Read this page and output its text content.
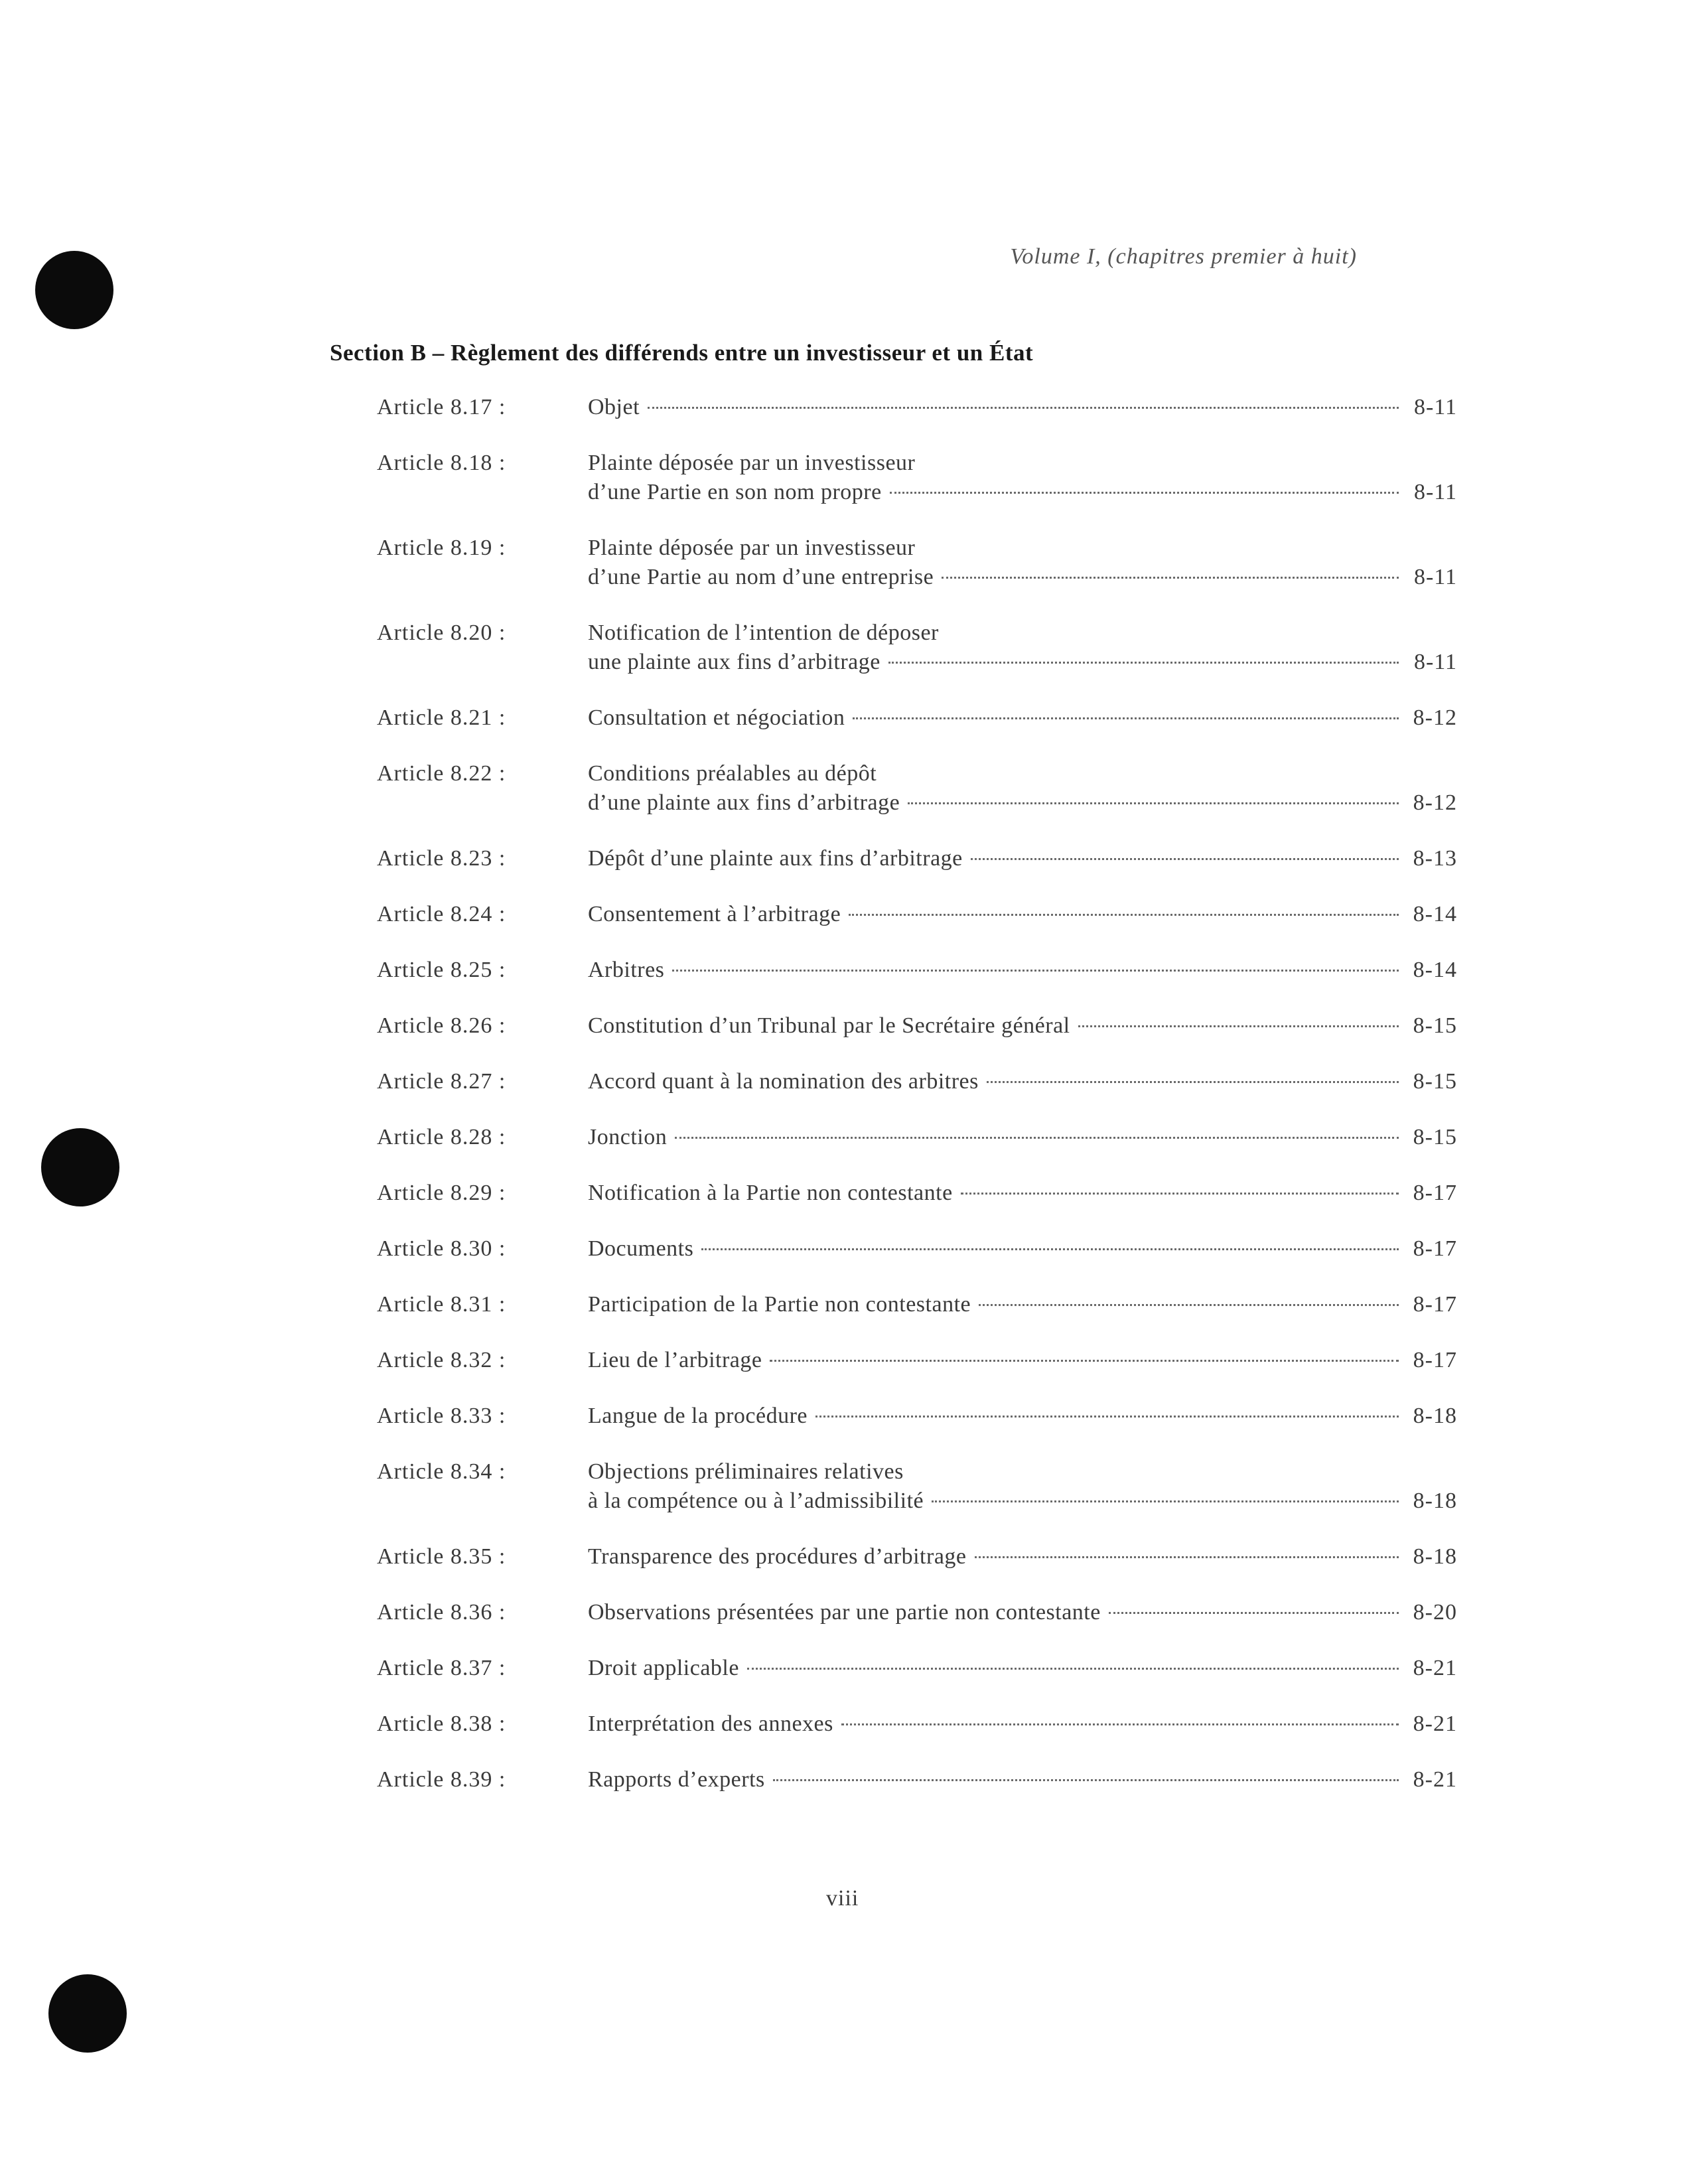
Volume I, (chapitres premier à huit)
Section B – Règlement des différends entre un investisseur et un État
Article 8.17 :	Objet	8-11
Article 8.18 :	Plainte déposée par un investisseur
d’une Partie en son nom propre	8-11
Article 8.19 :	Plainte déposée par un investisseur
d’une Partie au nom d’une entreprise	8-11
Article 8.20 :	Notification de l’intention de déposer
une plainte aux fins d’arbitrage	8-11
Article 8.21 :	Consultation et négociation	8-12
Article 8.22 :	Conditions préalables au dépôt
d’une plainte aux fins d’arbitrage	8-12
Article 8.23 :	Dépôt d’une plainte aux fins d’arbitrage	8-13
Article 8.24 :	Consentement à l’arbitrage	8-14
Article 8.25 :	Arbitres	8-14
Article 8.26 :	Constitution d’un Tribunal par le Secrétaire général	8-15
Article 8.27 :	Accord quant à la nomination des arbitres	8-15
Article 8.28 :	Jonction	8-15
Article 8.29 :	Notification à la Partie non contestante	8-17
Article 8.30 :	Documents	8-17
Article 8.31 :	Participation de la Partie non contestante	8-17
Article 8.32 :	Lieu de l’arbitrage	8-17
Article 8.33 :	Langue de la procédure	8-18
Article 8.34 :	Objections préliminaires relatives
à la compétence ou à l’admissibilité	8-18
Article 8.35 :	Transparence des procédures d’arbitrage	8-18
Article 8.36 :	Observations présentées par une partie non contestante	8-20
Article 8.37 :	Droit applicable	8-21
Article 8.38 :	Interprétation des annexes	8-21
Article 8.39 :	Rapports d’experts	8-21
viii
